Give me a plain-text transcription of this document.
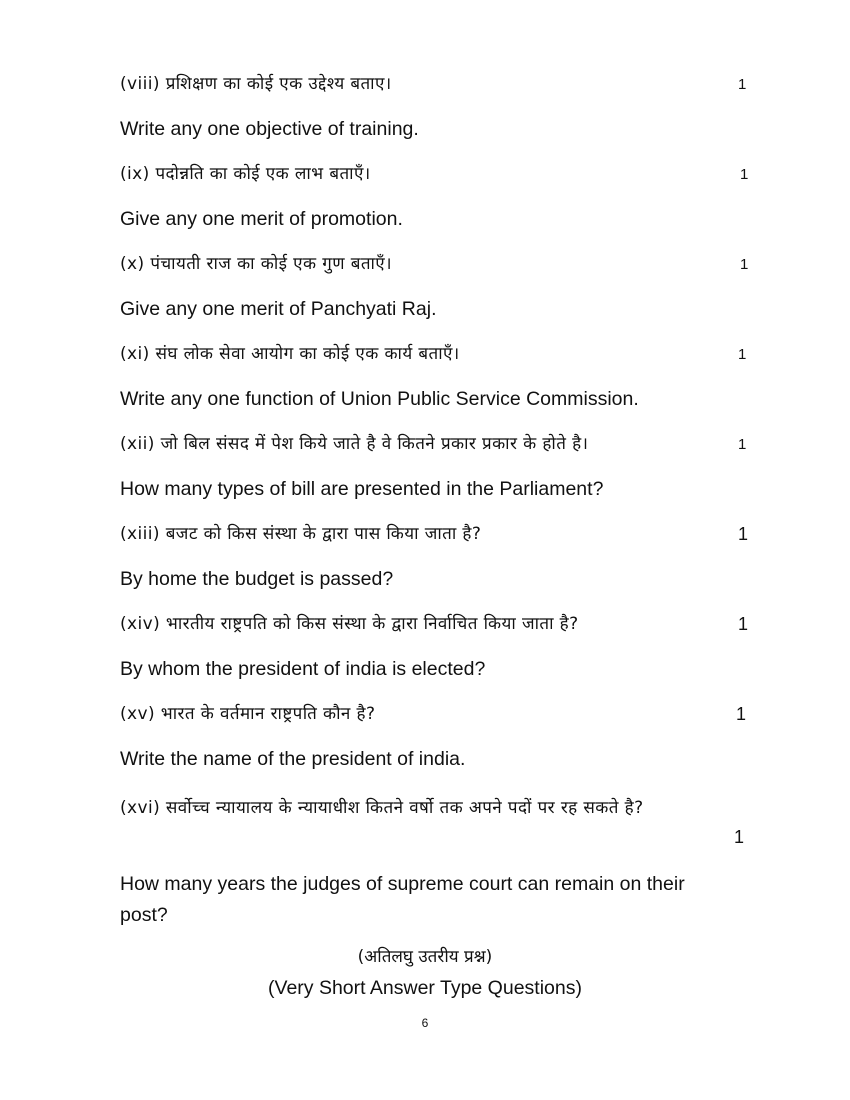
(viii) प्रशिक्षण का कोई एक उद्देश्य बताए।	1
Write any one objective of training.
(ix) पदोन्नति का कोई एक लाभ बताएँ।	1
Give any one merit of promotion.
(x) पंचायती राज का कोई एक गुण बताएँ।	1
Give any one merit of Panchyati Raj.
(xi) संघ लोक सेवा आयोग का कोई एक कार्य बताएँ।	1
Write any one function of Union Public Service Commission.
(xii) जो बिल संसद में पेश किये जाते है वे कितने प्रकार प्रकार के होते है।	1
How many types of bill are presented in the Parliament?
(xiii) बजट को किस संस्था के द्वारा पास किया जाता है?	1
By home the budget is passed?
(xiv) भारतीय राष्ट्रपति को किस संस्था के द्वारा निर्वाचित किया जाता है?	1
By whom the president of india is elected?
(xv) भारत के वर्तमान राष्ट्रपति कौन है?	1
Write the name of the president of india.
(xvi) सर्वोच्च न्यायालय के न्यायाधीश कितने वर्षो तक अपने पदों पर रह सकते है?
1
How many years the judges of supreme court can remain on their post?
(अतिलघु उतरीय प्रश्न)
(Very Short Answer Type Questions)
6
